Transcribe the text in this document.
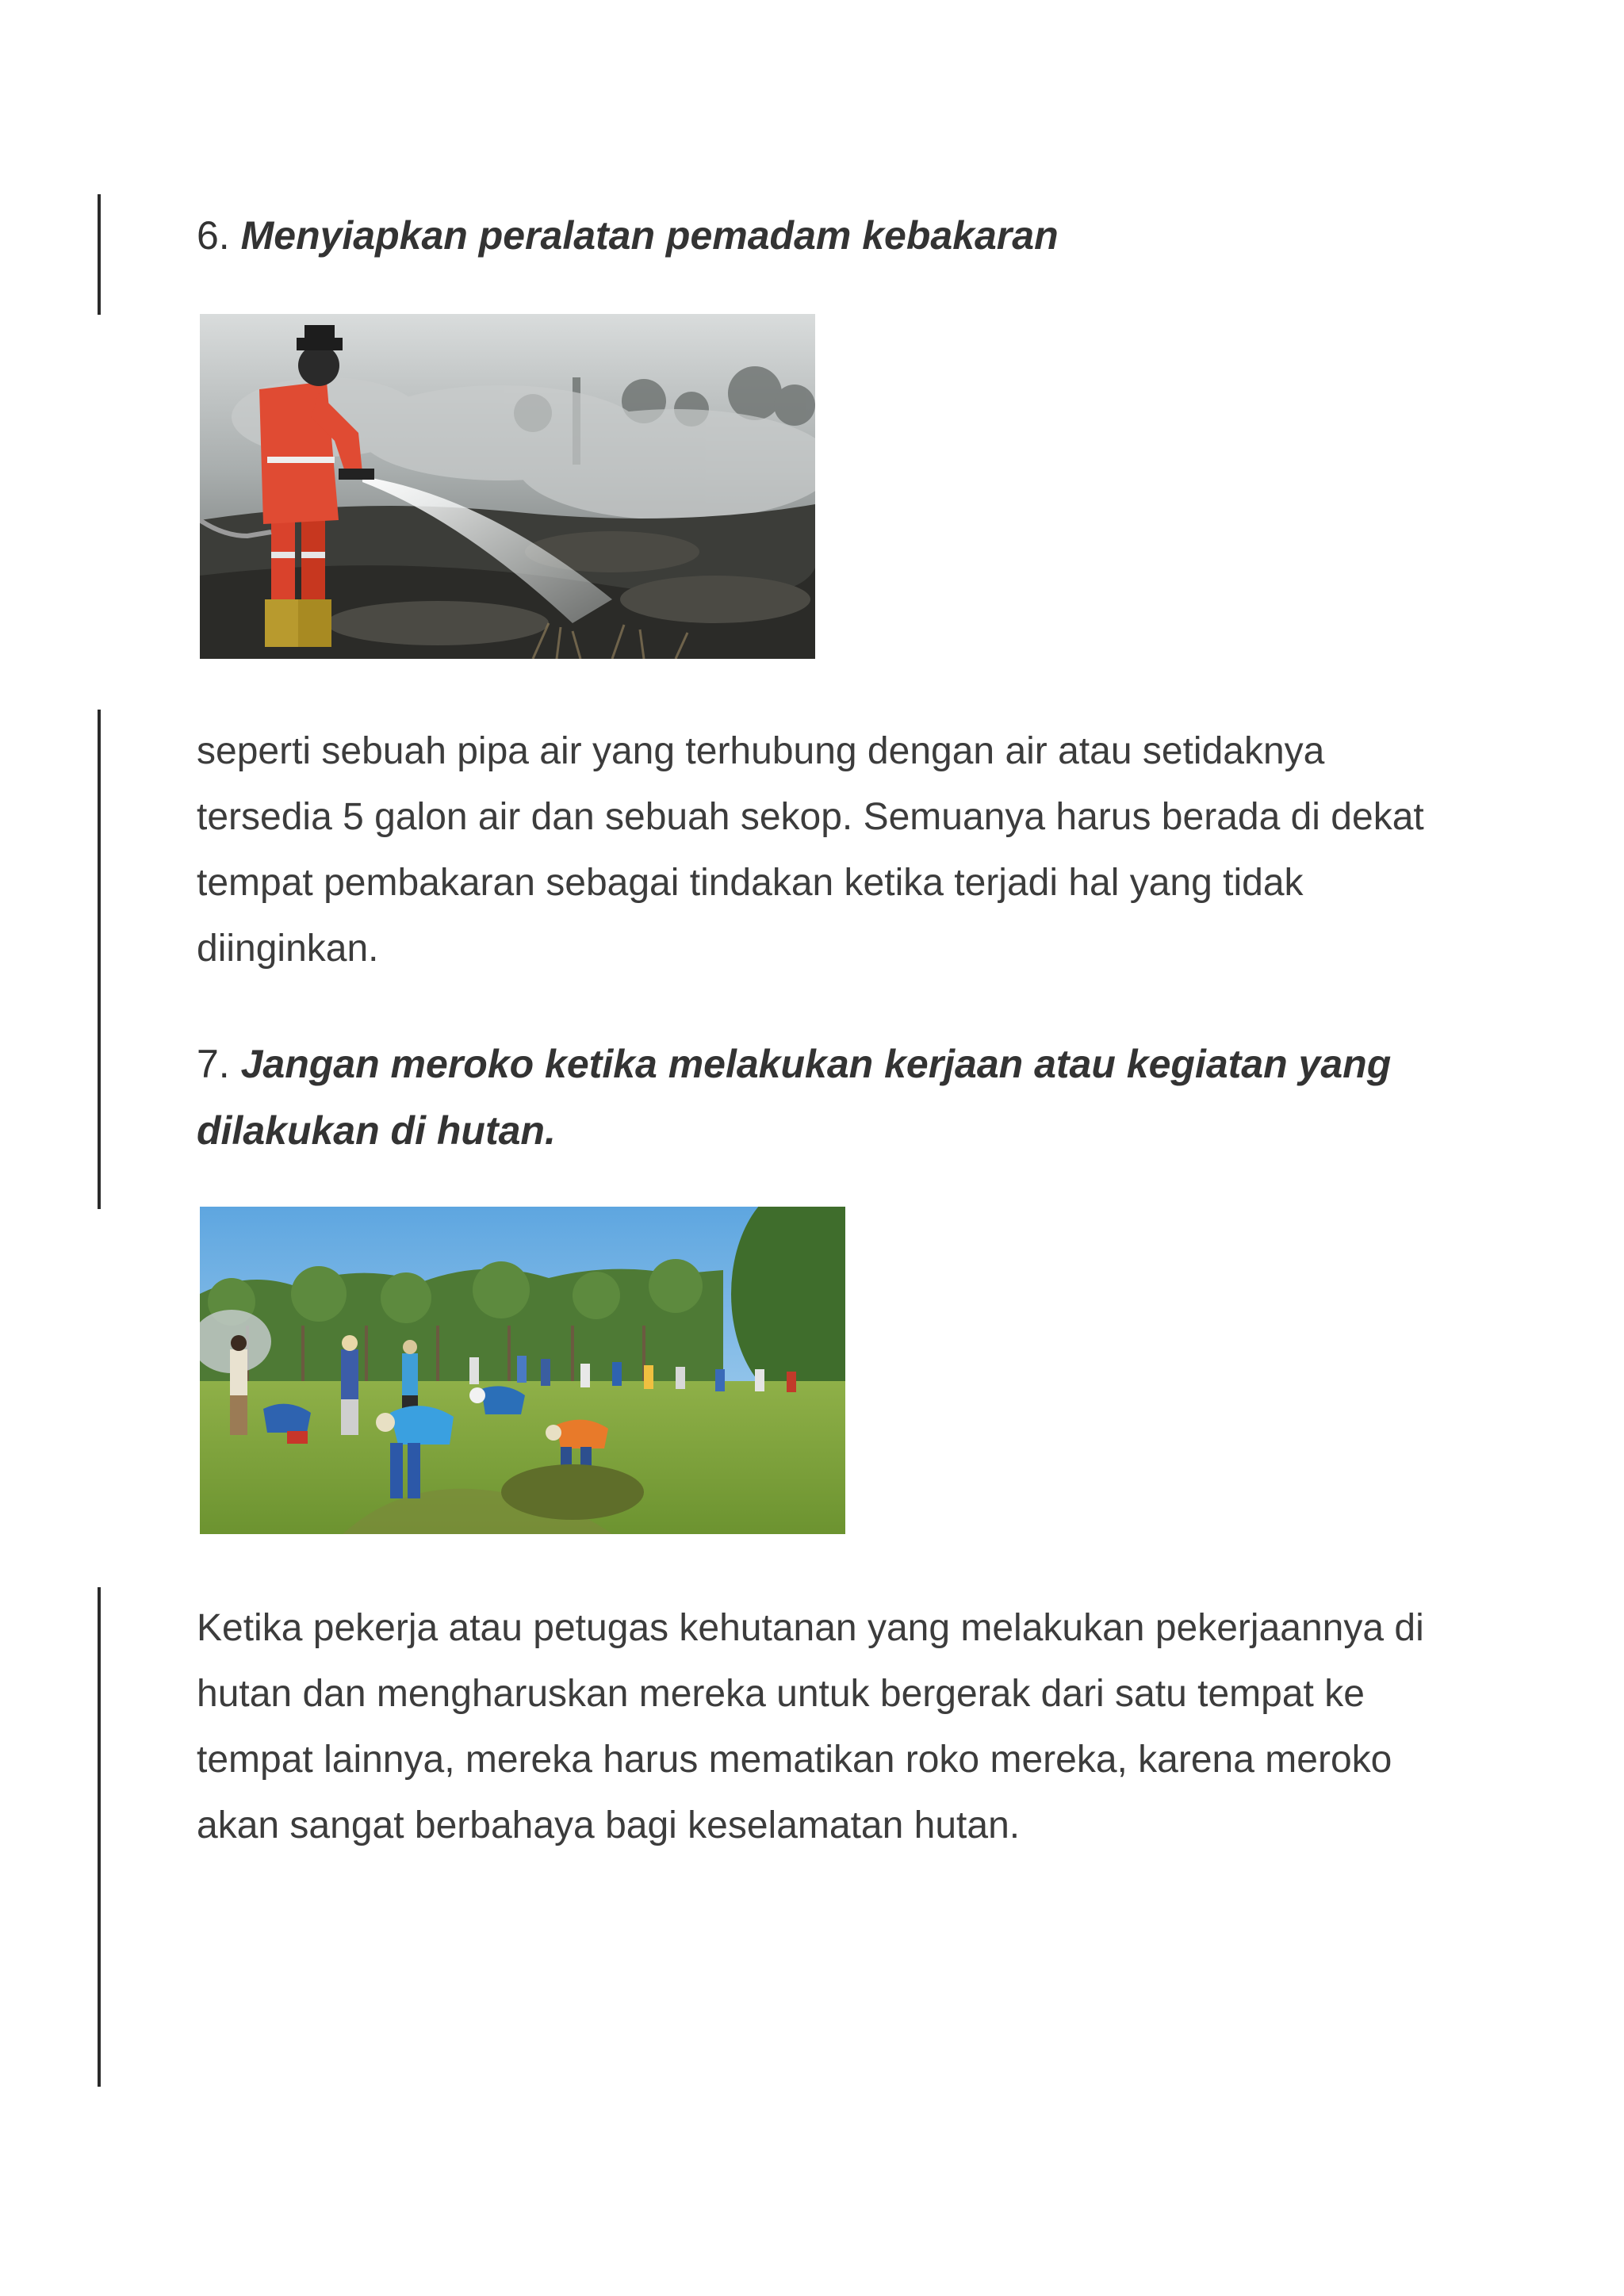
6. Menyiapkan peralatan pemadam kebakaran

seperti sebuah pipa air yang terhubung dengan air atau setidaknya tersedia 5 galon air dan sebuah sekop. Semuanya harus berada di dekat tempat pembakaran sebagai tindakan ketika terjadi hal yang tidak diinginkan.

7. Jangan meroko ketika melakukan kerjaan atau kegiatan yang dilakukan di hutan.

Ketika pekerja atau petugas kehutanan yang melakukan pekerjaannya di hutan dan mengharuskan mereka untuk bergerak dari satu tempat ke tempat lainnya, mereka harus mematikan roko mereka, karena meroko akan sangat berbahaya bagi keselamatan hutan.
